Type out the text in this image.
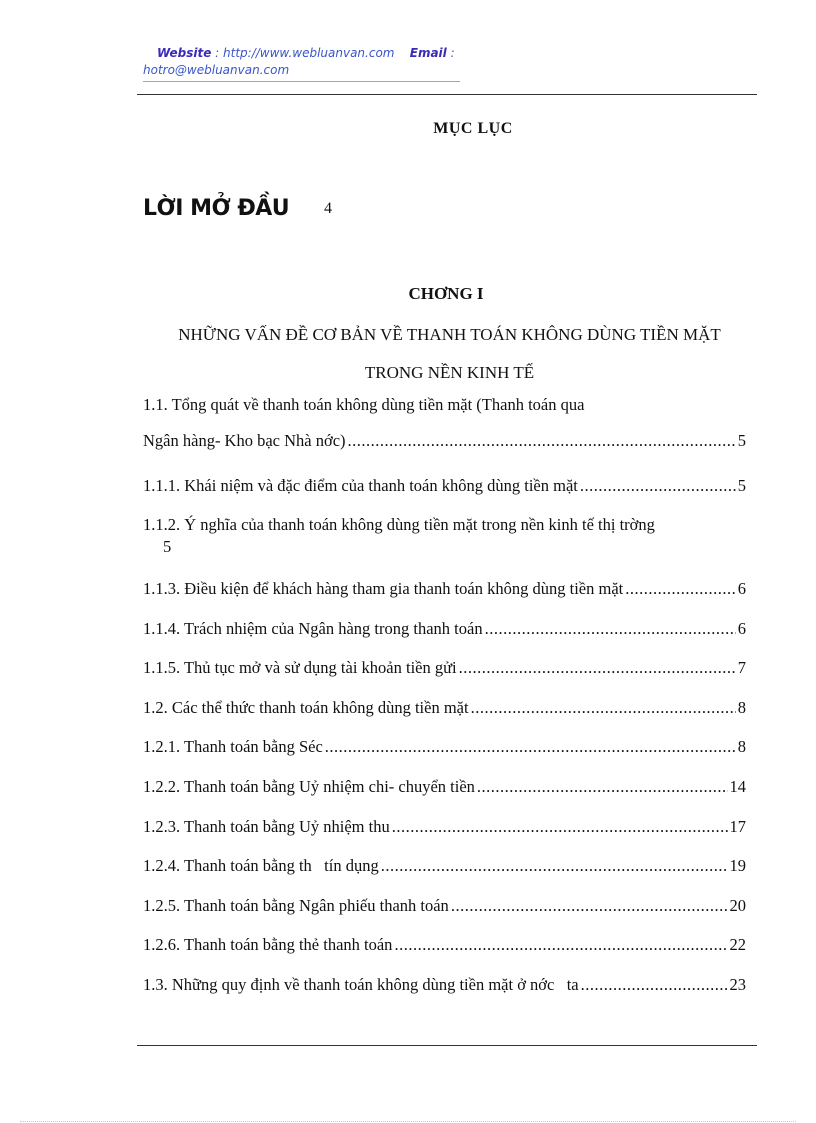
Website : http://www.webluanvan.com Email :
hotro@webluanvan.com
MỤC LỤC
LỜI MỞ ĐẦU 4
CHƠNG I
NHỮNG VẤN ĐỀ CƠ BẢN VỀ THANH TOÁN KHÔNG DÙNG TIỀN MẶT
TRONG NỀN KINH TẾ
1.1. Tổng quát về thanh toán không dùng tiền mặt (Thanh toán qua
Ngân hàng- Kho bạc Nhà nớc) .....	5
1.1.1. Khái niệm và đặc điểm của thanh toán không dùng tiền mặt .....	5
1.1.2. Ý nghĩa của thanh toán không dùng tiền mặt trong nền kinh tế thị trờng
5
1.1.3. Điều kiện để khách hàng tham gia thanh toán không dùng tiền mặt .....	6
1.1.4. Trách nhiệm của Ngân hàng trong thanh toán .....	6
1.1.5. Thủ tục mở và sử dụng tài khoản tiền gửi .....	7
1.2. Các thể thức thanh toán không dùng tiền mặt .....	8
1.2.1. Thanh toán bằng Séc .....	8
1.2.2. Thanh toán bằng Uỷ nhiệm chi- chuyển tiền .....	14
1.2.3. Thanh toán bằng Uỷ nhiệm thu .....	17
1.2.4. Thanh toán bằng th   tín dụng .....	19
1.2.5. Thanh toán bằng Ngân phiếu thanh toán .....	20
1.2.6. Thanh toán bằng thẻ thanh toán .....	22
1.3. Những quy định về thanh toán không dùng tiền mặt ở nớc   ta .....	23
